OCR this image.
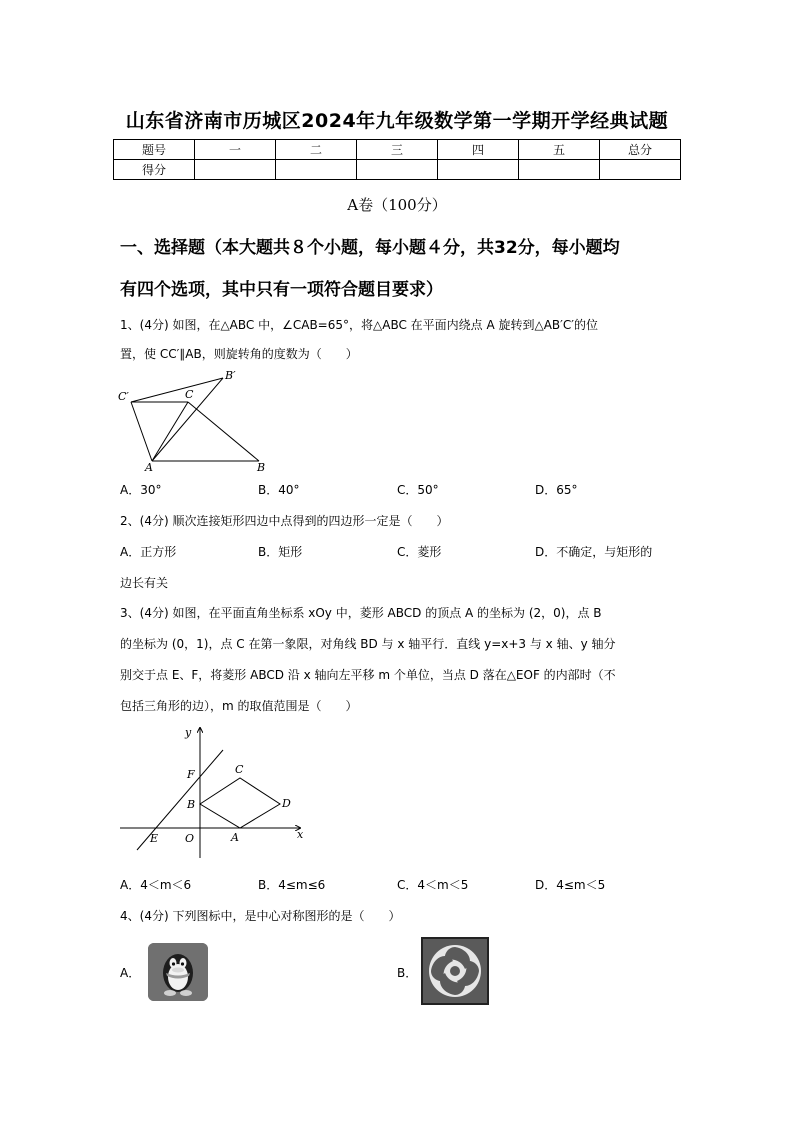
山东省济南市历城区2024年九年级数学第一学期开学经典试题
题号	一	二	三	四	五	总分
得分						
A卷（100分）
一、选择题（本大题共８个小题，每小题４分，共32分，每小题均
有四个选项，其中只有一项符合题目要求）
1、(4分) 如图，在△ABC 中，∠CAB=65°，将△ABC 在平面内绕点 A 旋转到△AB′C′的位
置，使 CC′∥AB，则旋转角的度数为（　　）
B′
C′	C
A	B
A．30°	B．40°	C．50°	D．65°
2、(4分) 顺次连接矩形四边中点得到的四边形一定是（　　）
A．正方形	B．矩形	C．菱形	D．不确定，与矩形的
边长有关
3、(4分) 如图，在平面直角坐标系 xOy 中，菱形 ABCD 的顶点 A 的坐标为 (2，0)，点 B
的坐标为 (0，1)，点 C 在第一象限，对角线 BD 与 x 轴平行．直线 y=x+3 与 x 轴、y 轴分
别交于点 E、F，将菱形 ABCD 沿 x 轴向左平移 m 个单位，当点 D 落在△EOF 的内部时（不
包括三角形的边），m 的取值范围是（　　）
y
x
F	C
B	D
E O	A
A．4＜m＜6	B．4≤m≤6	C．4＜m＜5	D．4≤m＜5
4、(4分) 下列图标中，是中心对称图形的是（　　）
A．	B．
